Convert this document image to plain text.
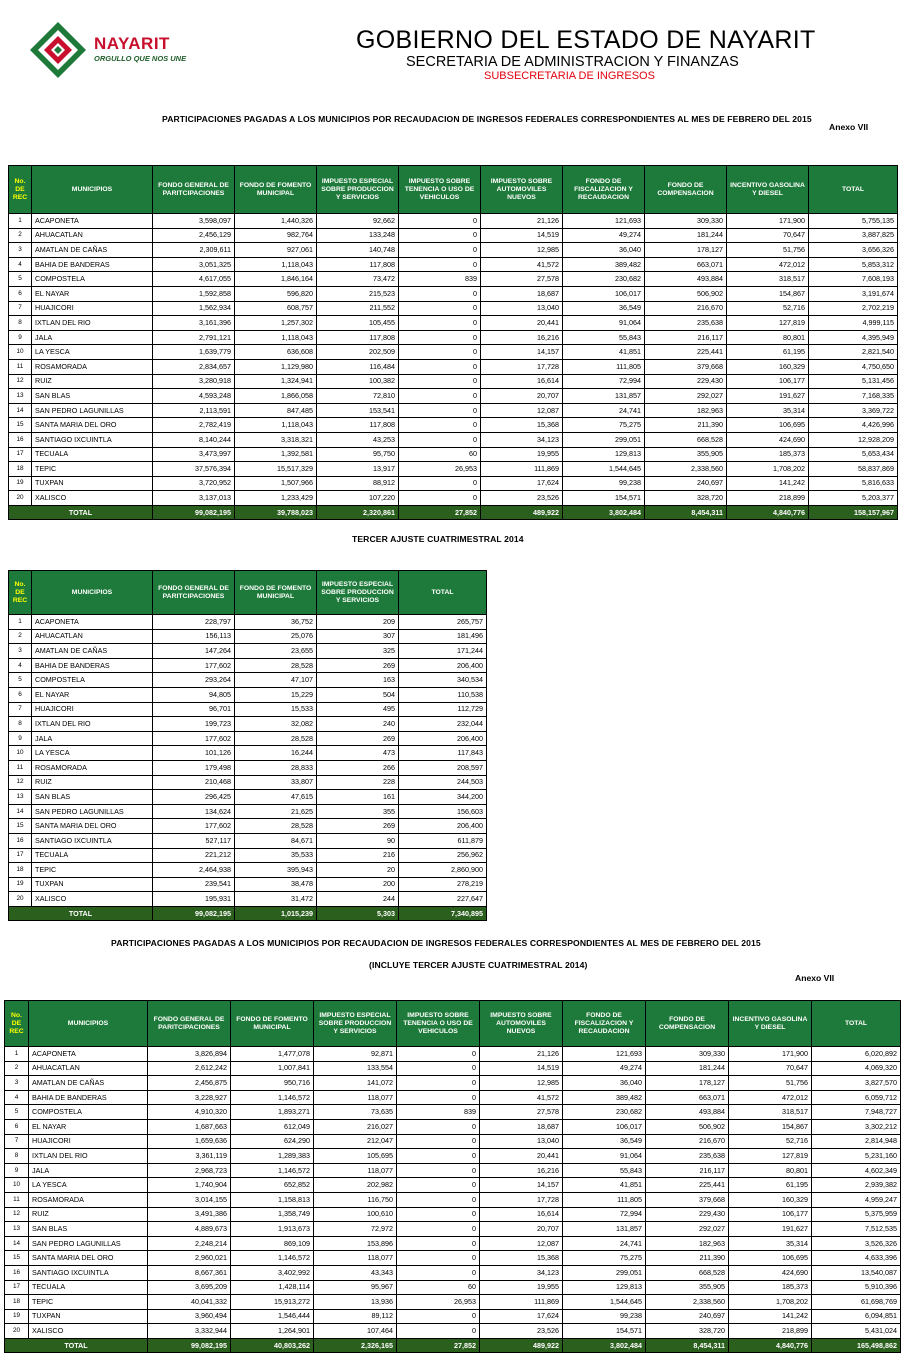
NAYARIT
ORGULLO QUE NOS UNE
GOBIERNO DEL ESTADO DE NAYARIT
SECRETARIA DE ADMINISTRACION Y FINANZAS
SUBSECRETARIA DE INGRESOS
PARTICIPACIONES PAGADAS A LOS MUNICIPIOS POR RECAUDACION DE INGRESOS FEDERALES CORRESPONDIENTES AL MES DE FEBRERO DEL 2015
Anexo VII
No. DE REC	MUNICIPIOS	FONDO GENERAL DE PARITCIPACIONES	FONDO DE FOMENTO MUNICIPAL	IMPUESTO ESPECIAL SOBRE PRODUCCION Y SERVICIOS	IMPUESTO SOBRE TENENCIA O USO DE VEHICULOS	IMPUESTO SOBRE AUTOMOVILES NUEVOS	FONDO DE FISCALIZACION Y RECAUDACION	FONDO DE COMPENSACION	INCENTIVO GASOLINA Y DIESEL	TOTAL
1	ACAPONETA	3,598,097	1,440,326	92,662	0	21,126	121,693	309,330	171,900	5,755,135
2	AHUACATLAN	2,456,129	982,764	133,248	0	14,519	49,274	181,244	70,647	3,887,825
3	AMATLAN DE CAÑAS	2,309,611	927,061	140,748	0	12,985	36,040	178,127	51,756	3,656,326
4	BAHIA DE BANDERAS	3,051,325	1,118,043	117,808	0	41,572	389,482	663,071	472,012	5,853,312
5	COMPOSTELA	4,617,055	1,846,164	73,472	839	27,578	230,682	493,884	318,517	7,608,193
6	EL NAYAR	1,592,858	596,820	215,523	0	18,687	106,017	506,902	154,867	3,191,674
7	HUAJICORI	1,562,934	608,757	211,552	0	13,040	36,549	216,670	52,716	2,702,219
8	IXTLAN DEL RIO	3,161,396	1,257,302	105,455	0	20,441	91,064	235,638	127,819	4,999,115
9	JALA	2,791,121	1,118,043	117,808	0	16,216	55,843	216,117	80,801	4,395,949
10	LA YESCA	1,639,779	636,608	202,509	0	14,157	41,851	225,441	61,195	2,821,540
11	ROSAMORADA	2,834,657	1,129,980	116,484	0	17,728	111,805	379,668	160,329	4,750,650
12	RUIZ	3,280,918	1,324,941	100,382	0	16,614	72,994	229,430	106,177	5,131,456
13	SAN BLAS	4,593,248	1,866,058	72,810	0	20,707	131,857	292,027	191,627	7,168,335
14	SAN PEDRO LAGUNILLAS	2,113,591	847,485	153,541	0	12,087	24,741	182,963	35,314	3,369,722
15	SANTA MARIA DEL ORO	2,782,419	1,118,043	117,808	0	15,368	75,275	211,390	106,695	4,426,996
16	SANTIAGO IXCUINTLA	8,140,244	3,318,321	43,253	0	34,123	299,051	668,528	424,690	12,928,209
17	TECUALA	3,473,997	1,392,581	95,750	60	19,955	129,813	355,905	185,373	5,653,434
18	TEPIC	37,576,394	15,517,329	13,917	26,953	111,869	1,544,645	2,338,560	1,708,202	58,837,869
19	TUXPAN	3,720,952	1,507,966	88,912	0	17,624	99,238	240,697	141,242	5,816,633
20	XALISCO	3,137,013	1,233,429	107,220	0	23,526	154,571	328,720	218,899	5,203,377
TOTAL		99,082,195	39,788,023	2,320,861	27,852	489,922	3,802,484	8,454,311	4,840,776	158,157,967
TERCER AJUSTE CUATRIMESTRAL 2014
No. DE REC	MUNICIPIOS	FONDO GENERAL DE PARITCIPACIONES	FONDO DE FOMENTO MUNICIPAL	IMPUESTO ESPECIAL SOBRE PRODUCCION Y SERVICIOS	TOTAL
1	ACAPONETA	228,797	36,752	209	265,757
2	AHUACATLAN	156,113	25,076	307	181,496
3	AMATLAN DE CAÑAS	147,264	23,655	325	171,244
4	BAHIA DE BANDERAS	177,602	28,528	269	206,400
5	COMPOSTELA	293,264	47,107	163	340,534
6	EL NAYAR	94,805	15,229	504	110,538
7	HUAJICORI	96,701	15,533	495	112,729
8	IXTLAN DEL RIO	199,723	32,082	240	232,044
9	JALA	177,602	28,528	269	206,400
10	LA YESCA	101,126	16,244	473	117,843
11	ROSAMORADA	179,498	28,833	266	208,597
12	RUIZ	210,468	33,807	228	244,503
13	SAN BLAS	296,425	47,615	161	344,200
14	SAN PEDRO LAGUNILLAS	134,624	21,625	355	156,603
15	SANTA MARIA DEL ORO	177,602	28,528	269	206,400
16	SANTIAGO IXCUINTLA	527,117	84,671	90	611,879
17	TECUALA	221,212	35,533	216	256,962
18	TEPIC	2,464,938	395,943	20	2,860,900
19	TUXPAN	239,541	38,478	200	278,219
20	XALISCO	195,931	31,472	244	227,647
TOTAL		99,082,195	1,015,239	5,303	7,340,895
PARTICIPACIONES PAGADAS A LOS MUNICIPIOS POR RECAUDACION DE INGRESOS FEDERALES CORRESPONDIENTES AL MES DE FEBRERO DEL 2015
(INCLUYE TERCER AJUSTE CUATRIMESTRAL 2014)
Anexo VII
No. DE REC	MUNICIPIOS	FONDO GENERAL DE PARITCIPACIONES	FONDO DE FOMENTO MUNICIPAL	IMPUESTO ESPECIAL SOBRE PRODUCCION Y SERVICIOS	IMPUESTO SOBRE TENENCIA O USO DE VEHICULOS	IMPUESTO SOBRE AUTOMOVILES NUEVOS	FONDO DE FISCALIZACION Y RECAUDACION	FONDO DE COMPENSACION	INCENTIVO GASOLINA Y DIESEL	TOTAL
1	ACAPONETA	3,826,894	1,477,078	92,871	0	21,126	121,693	309,330	171,900	6,020,892
2	AHUACATLAN	2,612,242	1,007,841	133,554	0	14,519	49,274	181,244	70,647	4,069,320
3	AMATLAN DE CAÑAS	2,456,875	950,716	141,072	0	12,985	36,040	178,127	51,756	3,827,570
4	BAHIA DE BANDERAS	3,228,927	1,146,572	118,077	0	41,572	389,482	663,071	472,012	6,059,712
5	COMPOSTELA	4,910,320	1,893,271	73,635	839	27,578	230,682	493,884	318,517	7,948,727
6	EL NAYAR	1,687,663	612,049	216,027	0	18,687	106,017	506,902	154,867	3,302,212
7	HUAJICORI	1,659,636	624,290	212,047	0	13,040	36,549	216,670	52,716	2,814,948
8	IXTLAN DEL RIO	3,361,119	1,289,383	105,695	0	20,441	91,064	235,638	127,819	5,231,160
9	JALA	2,968,723	1,146,572	118,077	0	16,216	55,843	216,117	80,801	4,602,349
10	LA YESCA	1,740,904	652,852	202,982	0	14,157	41,851	225,441	61,195	2,939,382
11	ROSAMORADA	3,014,155	1,158,813	116,750	0	17,728	111,805	379,668	160,329	4,959,247
12	RUIZ	3,491,386	1,358,749	100,610	0	16,614	72,994	229,430	106,177	5,375,959
13	SAN BLAS	4,889,673	1,913,673	72,972	0	20,707	131,857	292,027	191,627	7,512,535
14	SAN PEDRO LAGUNILLAS	2,248,214	869,109	153,896	0	12,087	24,741	182,963	35,314	3,526,326
15	SANTA MARIA DEL ORO	2,960,021	1,146,572	118,077	0	15,368	75,275	211,390	106,695	4,633,396
16	SANTIAGO IXCUINTLA	8,667,361	3,402,992	43,343	0	34,123	299,051	668,528	424,690	13,540,087
17	TECUALA	3,695,209	1,428,114	95,967	60	19,955	129,813	355,905	185,373	5,910,396
18	TEPIC	40,041,332	15,913,272	13,936	26,953	111,869	1,544,645	2,338,560	1,708,202	61,698,769
19	TUXPAN	3,960,494	1,546,444	89,112	0	17,624	99,238	240,697	141,242	6,094,851
20	XALISCO	3,332,944	1,264,901	107,464	0	23,526	154,571	328,720	218,899	5,431,024
TOTAL		99,082,195	40,803,262	2,326,165	27,852	489,922	3,802,484	8,454,311	4,840,776	165,498,862
